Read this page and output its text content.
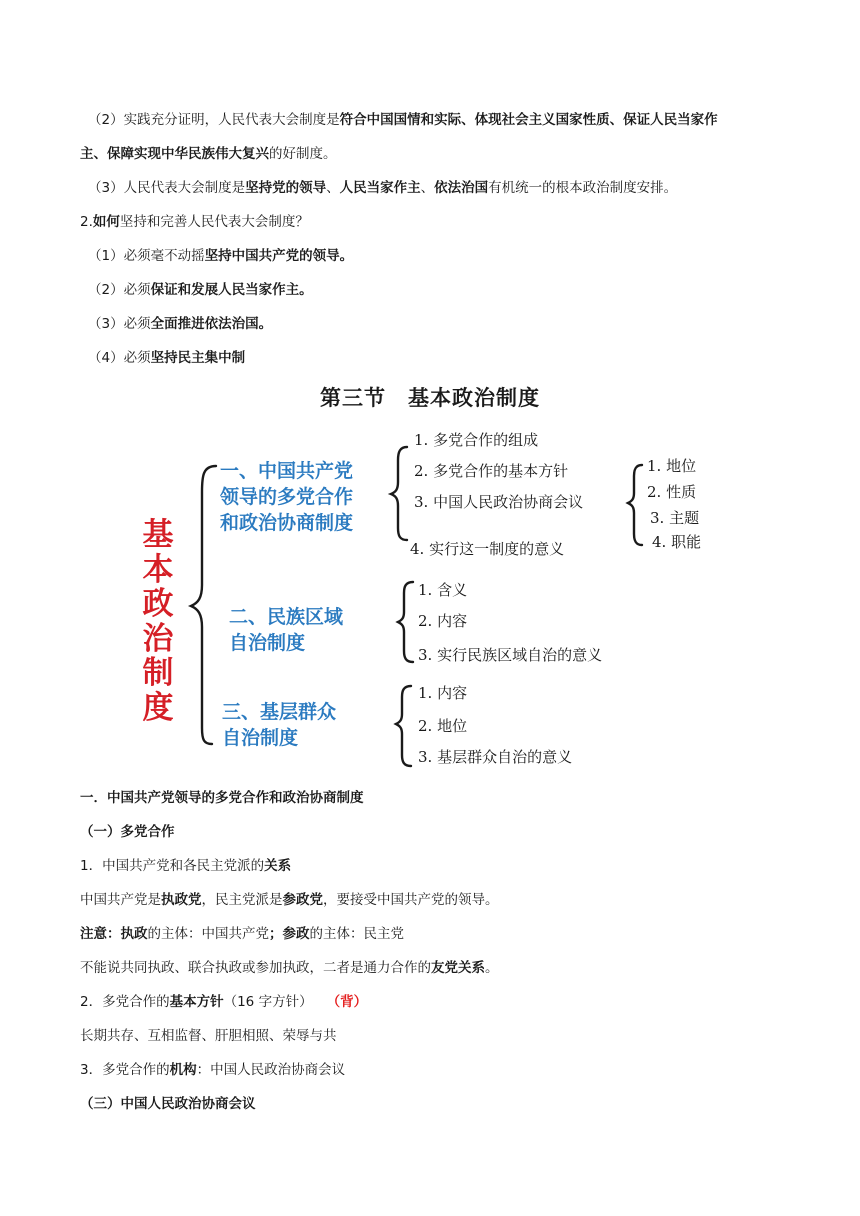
（2）实践充分证明，人民代表大会制度是符合中国国情和实际、体现社会主义国家性质、保证人民当家作
主、保障实现中华民族伟大复兴的好制度。
（3）人民代表大会制度是坚持党的领导、人民当家作主、依法治国有机统一的根本政治制度安排。
2.如何坚持和完善人民代表大会制度？
（1）必须毫不动摇坚持中国共产党的领导。
（2）必须保证和发展人民当家作主。
（3）必须全面推进依法治国。
（4）必须坚持民主集中制
第三节　基本政治制度
基
本
政
治
制
度
一、中国共产党
领导的多党合作
和政治协商制度
1. 多党合作的组成
2. 多党合作的基本方针
3. 中国人民政治协商会议
4. 实行这一制度的意义
1. 地位
2. 性质
3. 主题
4. 职能
二、民族区域
自治制度
1. 含义
2. 内容
3. 实行民族区域自治的意义
三、基层群众
自治制度
1. 内容
2. 地位
3. 基层群众自治的意义
一．中国共产党领导的多党合作和政治协商制度
（一）多党合作
1．中国共产党和各民主党派的关系
中国共产党是执政党，民主党派是参政党，要接受中国共产党的领导。
注意：执政的主体：中国共产党；参政的主体：民主党
不能说共同执政、联合执政或参加执政，二者是通力合作的友党关系。
2．多党合作的基本方针（16 字方针） （背）
长期共存、互相监督、肝胆相照、荣辱与共
3．多党合作的机构：中国人民政治协商会议
（三）中国人民政治协商会议
